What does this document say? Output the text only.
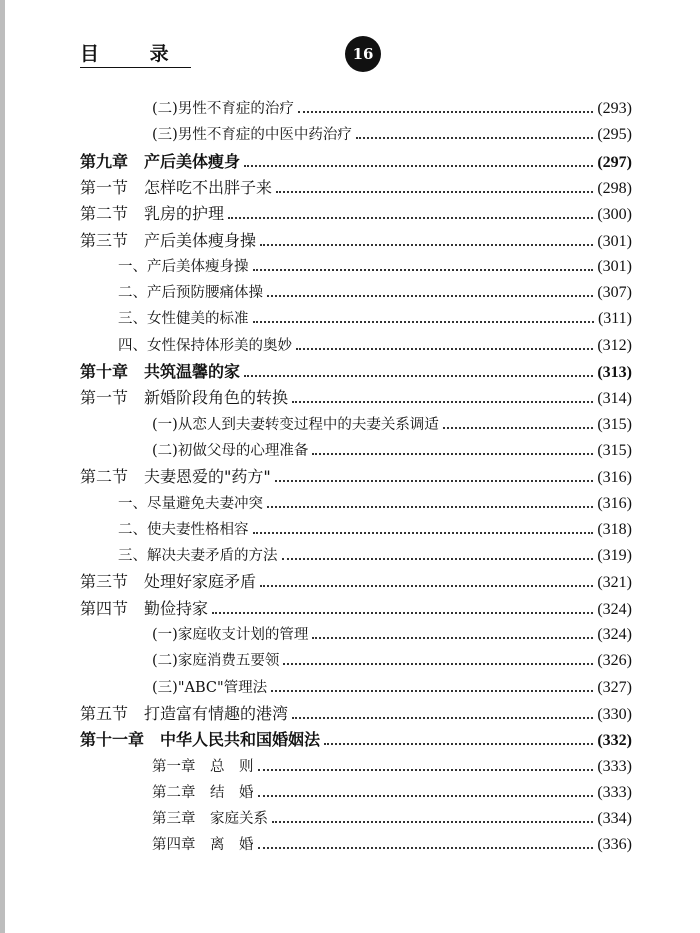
目 录	16
(二)男性不育症的治疗	(293)
(三)男性不育症的中医中药治疗	(295)
第九章　产后美体瘦身	(297)
第一节　怎样吃不出胖子来	(298)
第二节　乳房的护理	(300)
第三节　产后美体瘦身操	(301)
一、产后美体瘦身操	(301)
二、产后预防腰痛体操	(307)
三、女性健美的标准	(311)
四、女性保持体形美的奥妙	(312)
第十章　共筑温馨的家	(313)
第一节　新婚阶段角色的转换	(314)
(一)从恋人到夫妻转变过程中的夫妻关系调适	(315)
(二)初做父母的心理准备	(315)
第二节　夫妻恩爱的"药方"	(316)
一、尽量避免夫妻冲突	(316)
二、使夫妻性格相容	(318)
三、解决夫妻矛盾的方法	(319)
第三节　处理好家庭矛盾	(321)
第四节　勤俭持家	(324)
(一)家庭收支计划的管理	(324)
(二)家庭消费五要领	(326)
(三)"ABC"管理法	(327)
第五节　打造富有情趣的港湾	(330)
第十一章　中华人民共和国婚姻法	(332)
第一章　总　则	(333)
第二章　结　婚	(333)
第三章　家庭关系	(334)
第四章　离　婚	(336)
